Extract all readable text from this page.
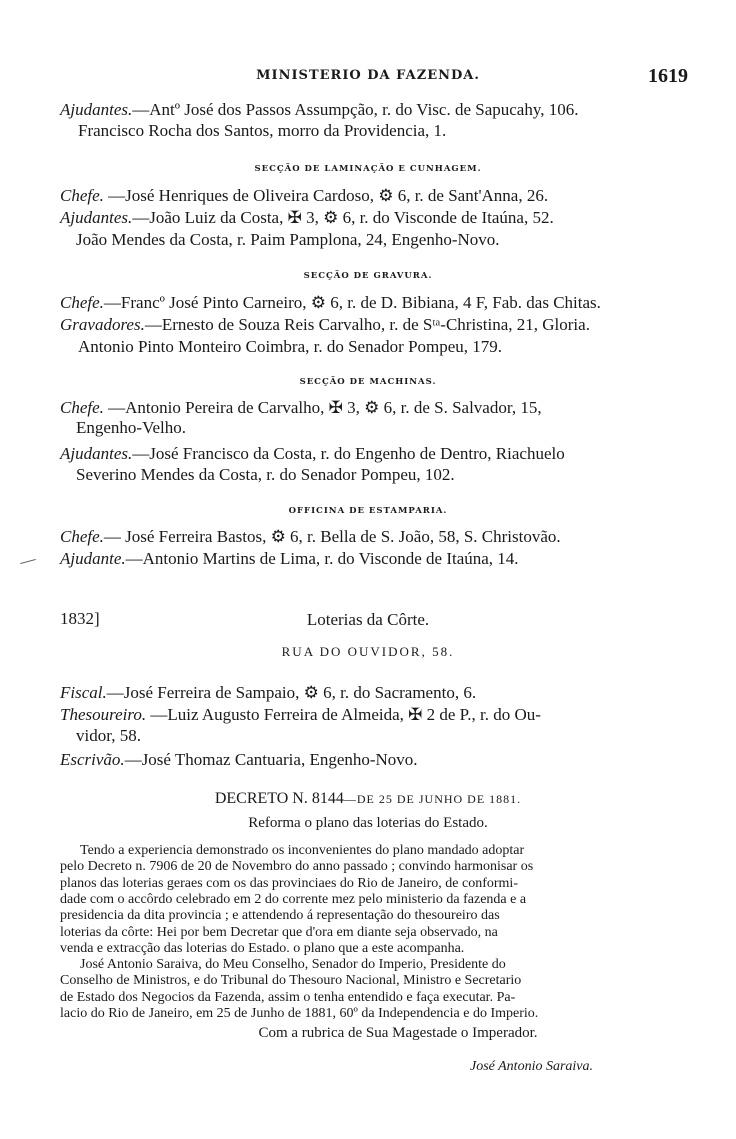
MINISTERIO DA FAZENDA.	1619
Ajudantes.—Antº José dos Passos Assumpção, r. do Visc. de Sapucahy, 106.
Francisco Rocha dos Santos, morro da Providencia, 1.
SECÇÃO DE LAMINAÇÃO E CUNHAGEM.
Chefe. —José Henriques de Oliveira Cardoso, ⚙ 6, r. de Sant'Anna, 26.
Ajudantes.—João Luiz da Costa, ✠ 3, ⚙ 6, r. do Visconde de Itaúna, 52.
João Mendes da Costa, r. Paim Pamplona, 24, Engenho-Novo.
SECÇÃO DE GRAVURA.
Chefe.—Francº José Pinto Carneiro, ⚙ 6, r. de D. Bibiana, 4 F, Fab. das Chitas.
Gravadores.—Ernesto de Souza Reis Carvalho, r. de Sᵗᵃ-Christina, 21, Gloria.
Antonio Pinto Monteiro Coimbra, r. do Senador Pompeu, 179.
SECÇÃO DE MACHINAS.
Chefe. —Antonio Pereira de Carvalho, ✠ 3, ⚙ 6, r. de S. Salvador, 15,
Engenho-Velho.
Ajudantes.—José Francisco da Costa, r. do Engenho de Dentro, Riachuelo
Severino Mendes da Costa, r. do Senador Pompeu, 102.
OFFICINA DE ESTAMPARIA.
Chefe.— José Ferreira Bastos, ⚙ 6, r. Bella de S. João, 58, S. Christovão.
Ajudante.—Antonio Martins de Lima, r. do Visconde de Itaúna, 14.
1832]	Loterias da Côrte.
RUA DO OUVIDOR, 58.
Fiscal.—José Ferreira de Sampaio, ⚙ 6, r. do Sacramento, 6.
Thesoureiro. —Luiz Augusto Ferreira de Almeida, ✠ 2 de P., r. do Ou-
vidor, 58.
Escrivão.—José Thomaz Cantuaria, Engenho-Novo.
DECRETO N. 8144—DE 25 DE JUNHO DE 1881.
Reforma o plano das loterias do Estado.
Tendo a experiencia demonstrado os inconvenientes do plano mandado adoptar
pelo Decreto n. 7906 de 20 de Novembro do anno passado ; convindo harmonisar os
planos das loterias geraes com os das provinciaes do Rio de Janeiro, de conformi-
dade com o accôrdo celebrado em 2 do corrente mez pelo ministerio da fazenda e a
presidencia da dita provincia ; e attendendo á representação do thesoureiro das
loterias da côrte: Hei por bem Decretar que d'ora em diante seja observado, na
venda e extracção das loterias do Estado. o plano que a este acompanha.
José Antonio Saraiva, do Meu Conselho, Senador do Imperio, Presidente do
Conselho de Ministros, e do Tribunal do Thesouro Nacional, Ministro e Secretario
de Estado dos Negocios da Fazenda, assim o tenha entendido e faça executar. Pa-
lacio do Rio de Janeiro, em 25 de Junho de 1881, 60º da Independencia e do Imperio.
Com a rubrica de Sua Magestade o Imperador.
José Antonio Saraiva.
